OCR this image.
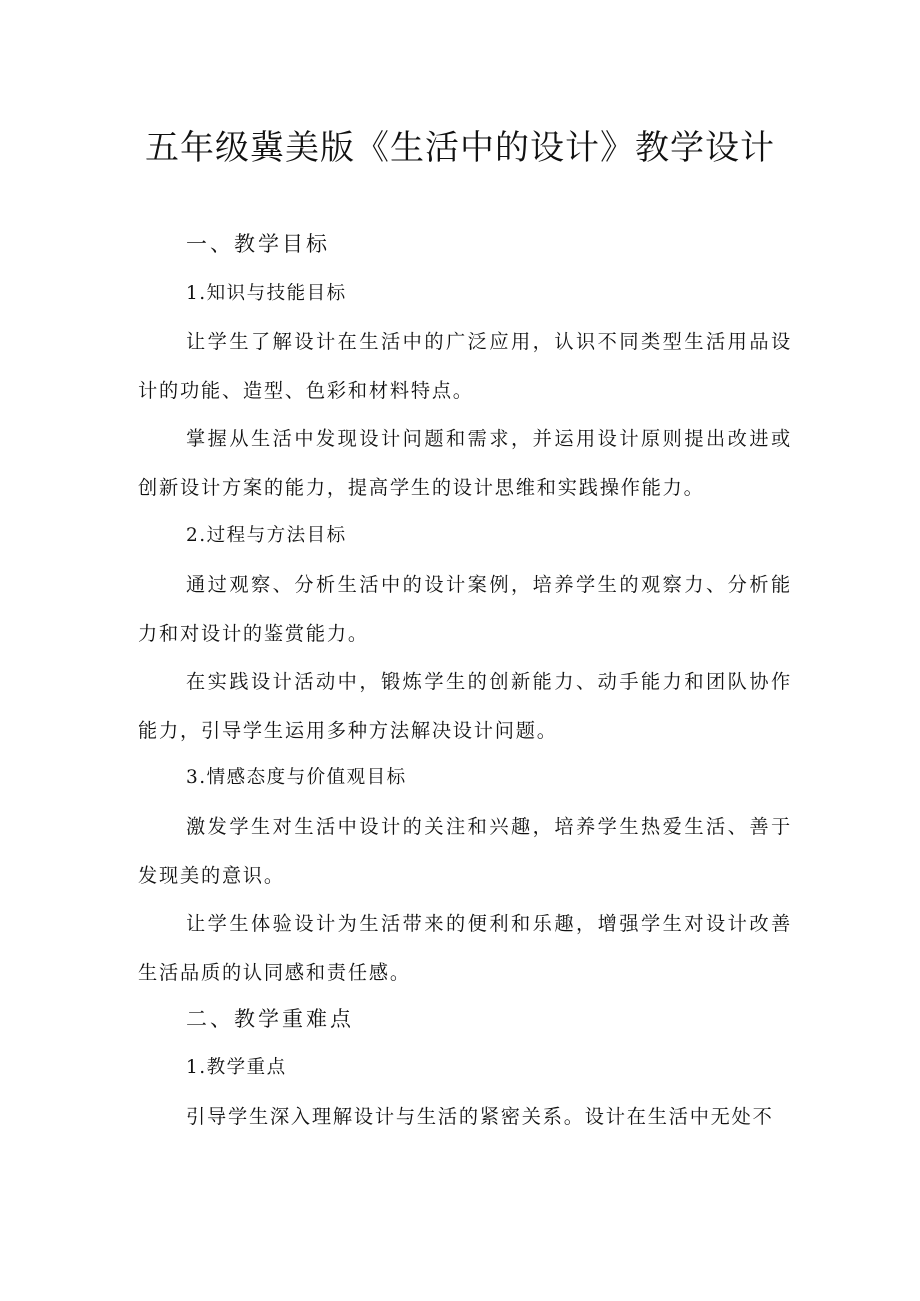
五年级冀美版《生活中的设计》教学设计

一、教学目标

1.知识与技能目标

让学生了解设计在生活中的广泛应用，认识不同类型生活用品设计的功能、造型、色彩和材料特点。

掌握从生活中发现设计问题和需求，并运用设计原则提出改进或创新设计方案的能力，提高学生的设计思维和实践操作能力。

2.过程与方法目标

通过观察、分析生活中的设计案例，培养学生的观察力、分析能力和对设计的鉴赏能力。

在实践设计活动中，锻炼学生的创新能力、动手能力和团队协作能力，引导学生运用多种方法解决设计问题。

3.情感态度与价值观目标

激发学生对生活中设计的关注和兴趣，培养学生热爱生活、善于发现美的意识。

让学生体验设计为生活带来的便利和乐趣，增强学生对设计改善生活品质的认同感和责任感。

二、教学重难点

1.教学重点

引导学生深入理解设计与生活的紧密关系。设计在生活中无处不
